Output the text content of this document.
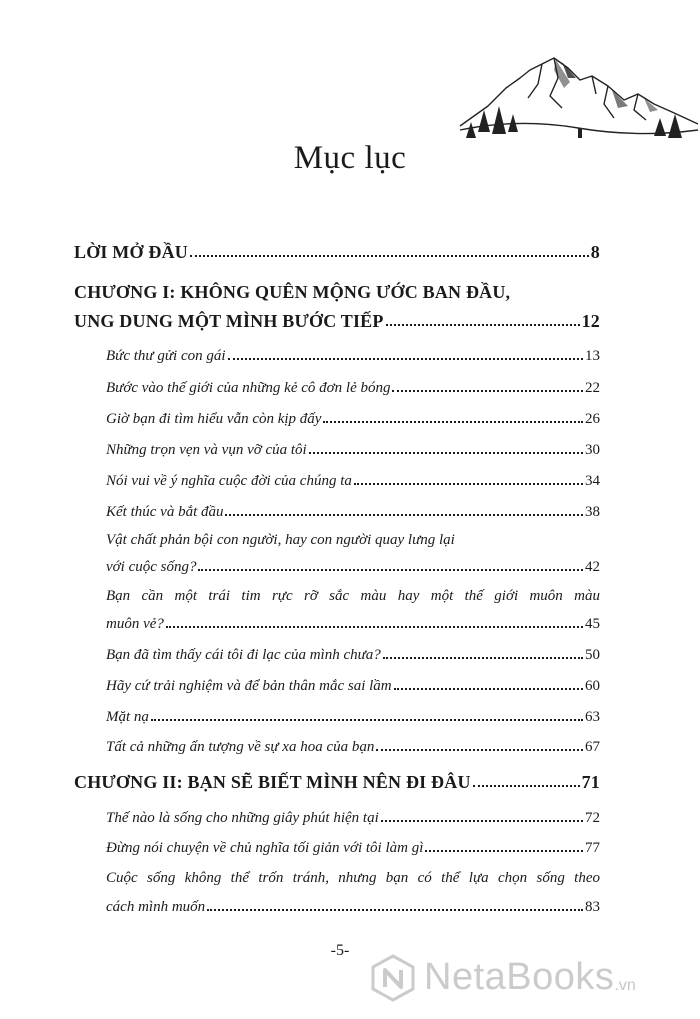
Mục lục
LỜI MỞ ĐẦU	8
CHƯƠNG I: KHÔNG QUÊN MỘNG ƯỚC BAN ĐẦU,
UNG DUNG MỘT MÌNH BƯỚC TIẾP	12
Bức thư gửi con gái	13
Bước vào thế giới của những kẻ cô đơn lẻ bóng	22
Giờ bạn đi tìm hiểu vẫn còn kịp đấy	26
Những trọn vẹn và vụn vỡ của tôi	30
Nói vui về ý nghĩa cuộc đời của chúng ta	34
Kết thúc và bắt đầu	38
Vật chất phản bội con người, hay con người quay lưng lại
với cuộc sống?	42
Bạn cần một trái tim rực rỡ sắc màu hay một thế giới muôn màu
muôn vẻ?	45
Bạn đã tìm thấy cái tôi đi lạc của mình chưa?	50
Hãy cứ trải nghiệm và để bản thân mắc sai lầm	60
Mặt nạ	63
Tất cả những ấn tượng về sự xa hoa của bạn	67
CHƯƠNG II: BẠN SẼ BIẾT MÌNH NÊN ĐI ĐÂU	71
Thế nào là sống cho những giây phút hiện tại	72
Đừng nói chuyện về chủ nghĩa tối giản với tôi làm gì	77
Cuộc sống không thể trốn tránh, nhưng bạn có thể lựa chọn sống theo
cách mình muốn	83
-5-
NetaBooks .vn
